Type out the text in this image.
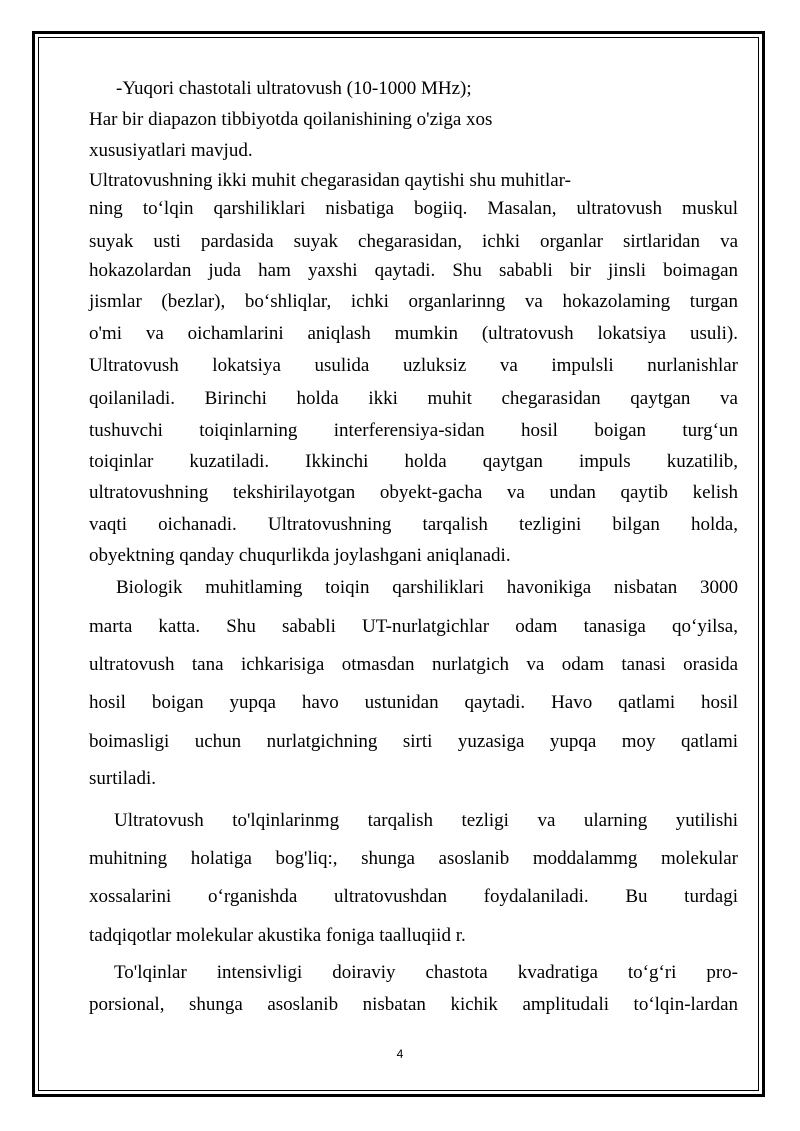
-Yuqori chastotali ultratovush (10-1000 MHz);
Har bir diapazon tibbiyotda qoilanishining o'ziga xos
xususiyatlari mavjud.
Ultratovushning ikki muhit chegarasidan qaytishi shu muhitlar-
ning to‘lqin qarshiliklari nisbatiga bogiiq. Masalan, ultratovush muskul
suyak usti pardasida suyak chegarasidan, ichki organlar sirtlaridan va
hokazolardan juda ham yaxshi qaytadi. Shu sababli bir jinsli boimagan
jismlar (bezlar), bo‘shliqlar, ichki organlarinng va hokazolaming turgan
o'mi va oichamlarini aniqlash mumkin (ultratovush lokatsiya usuli).
Ultratovush lokatsiya usulida uzluksiz va impulsli nurlanishlar
qoilaniladi. Birinchi holda ikki muhit chegarasidan qaytgan va
tushuvchi toiqinlarning interferensiya-sidan hosil boigan turg‘un
toiqinlar kuzatiladi. Ikkinchi holda qaytgan impuls kuzatilib,
ultratovushning tekshirilayotgan obyekt-gacha va undan qaytib kelish
vaqti oichanadi. Ultratovushning tarqalish tezligini bilgan holda,
obyektning qanday chuqurlikda joylashgani aniqlanadi.
Biologik muhitlaming toiqin qarshiliklari havonikiga nisbatan 3000
marta katta. Shu sababli UT-nurlatgichlar odam tanasiga qo‘yilsa,
ultratovush tana ichkarisiga otmasdan nurlatgich va odam tanasi orasida
hosil boigan yupqa havo ustunidan qaytadi. Havo qatlami hosil
boimasligi uchun nurlatgichning sirti yuzasiga yupqa moy qatlami
surtiladi.
Ultratovush to'lqinlarinmg tarqalish tezligi va ularning yutilishi
muhitning holatiga bog'liq:, shunga asoslanib moddalammg molekular
xossalarini o‘rganishda ultratovushdan foydalaniladi. Bu turdagi
tadqiqotlar molekular akustika foniga taalluqiid r.
To'lqinlar intensivligi doiraviy chastota kvadratiga to‘g‘ri pro-
porsional, shunga asoslanib nisbatan kichik amplitudali to‘lqin-lardan
4
